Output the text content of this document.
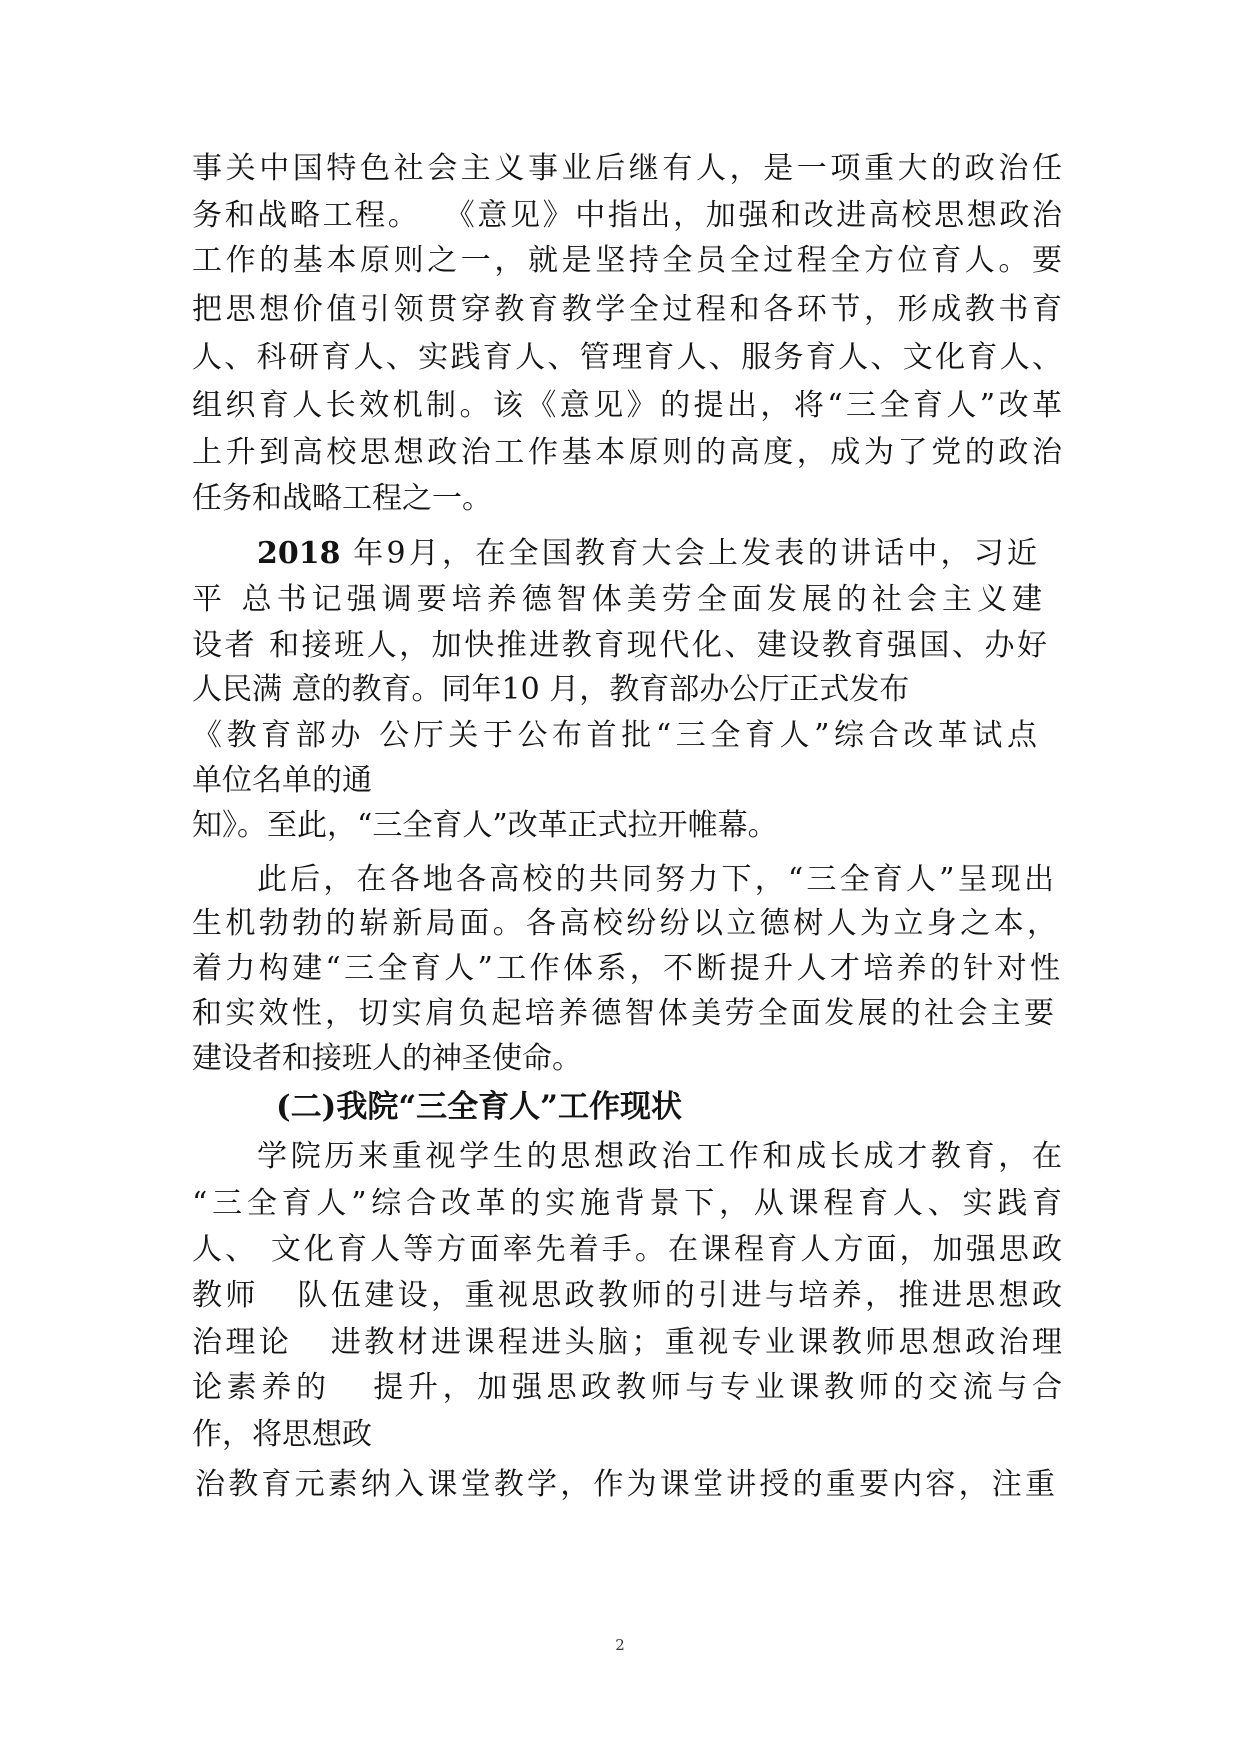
事关中国特色社会主义事业后继有人，是一项重大的政治任
务和战略工程。  《意见》中指出，加强和改进高校思想政治
工作的基本原则之一，就是坚持全员全过程全方位育人。要
把思想价值引领贯穿教育教学全过程和各环节，形成教书育
人、科研育人、实践育人、管理育人、服务育人、文化育人、
组织育人长效机制。该《意见》的提出，将“三全育人”改革
上升到高校思想政治工作基本原则的高度，成为了党的政治
任务和战略工程之一。
2018 年9月，在全国教育大会上发表的讲话中，习近
平 总书记强调要培养德智体美劳全面发展的社会主义建
设者 和接班人，加快推进教育现代化、建设教育强国、办好
人民满 意的教育。同年10 月，教育部办公厅正式发布
《教育部办 公厅关于公布首批“三全育人”综合改革试点
单位名单的通
知》。至此，“三全育人”改革正式拉开帷幕。
此后，在各地各高校的共同努力下，“三全育人”呈现出
生机勃勃的崭新局面。各高校纷纷以立德树人为立身之本，
着力构建“三全育人”工作体系，不断提升人才培养的针对性
和实效性，切实肩负起培养德智体美劳全面发展的社会主要
建设者和接班人的神圣使命。
(二)我院“三全育人”工作现状
学院历来重视学生的思想政治工作和成长成才教育，在
“三全育人”综合改革的实施背景下，从课程育人、实践育
人、 文化育人等方面率先着手。在课程育人方面，加强思政
教师   队伍建设，重视思政教师的引进与培养，推进思想政
治理论   进教材进课程进头脑；重视专业课教师思想政治理
论素养的   提升，加强思政教师与专业课教师的交流与合
作，将思想政
治教育元素纳入课堂教学，作为课堂讲授的重要内容，注重
2
